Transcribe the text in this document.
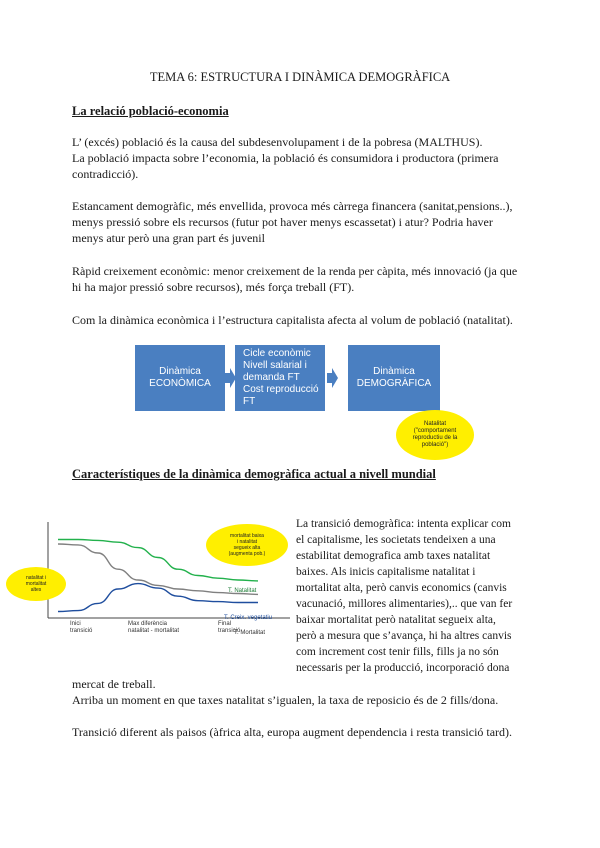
TEMA 6: ESTRUCTURA I DINÀMICA DEMOGRÀFICA
La relació població-economia
L’ (excés) població és la causa del subdesenvolupament i de la pobresa (MALTHUS).
La població impacta sobre l’economia, la població és consumidora i productora (primera
contradicció).
Estancament demogràfic, més envellida, provoca més càrrega financera (sanitat,pensions..),
menys pressió sobre els recursos (futur pot haver menys escassetat) i atur? Podria haver
menys atur però una gran part és juvenil
Ràpid creixement econòmic: menor creixement de la renda per càpita, més innovació (ja que
hi ha major pressió sobre recursos), més força treball (FT).
Com la dinàmica econòmica i l’estructura capitalista afecta al volum de població (natalitat).
Dinàmica
ECONÒMICA
Cicle econòmic
Nivell salarial i
demanda FT
Cost reproducció
FT
Dinàmica
DEMOGRÀFICA
Natalitat
("comportament
reproductiu de la
població")
Característiques de la dinàmica demogràfica actual a nivell mundial
T. Natalitat
T. Creix. vegetatiu
T. Mortalitat
Inici
transició
Max diferència
natalitat - mortalitat
Final
transició
natalitat i
mortalitat
altes
mortalitat baixa
i natalitat
segueix alta
(augmenta pob.)
La transició demogràfica: intenta explicar com
el capitalisme, les societats tendeixen a una
estabilitat demografica amb taxes natalitat
baixes. Als inicis capitalisme natalitat i
mortalitat alta, però canvis economics (canvis
vacunació, millores alimentaries),.. que van fer
baixar mortalitat però natalitat segueix alta,
però a mesura que s’avança, hi ha altres canvis
com increment cost tenir fills, fills ja no són
necessaris per la producció, incorporació dona
mercat de treball.
Arriba un moment en que taxes natalitat s’igualen, la taxa de reposicio és de 2 fills/dona.
Transició diferent als paisos (àfrica alta, europa augment dependencia i resta transició tard).
